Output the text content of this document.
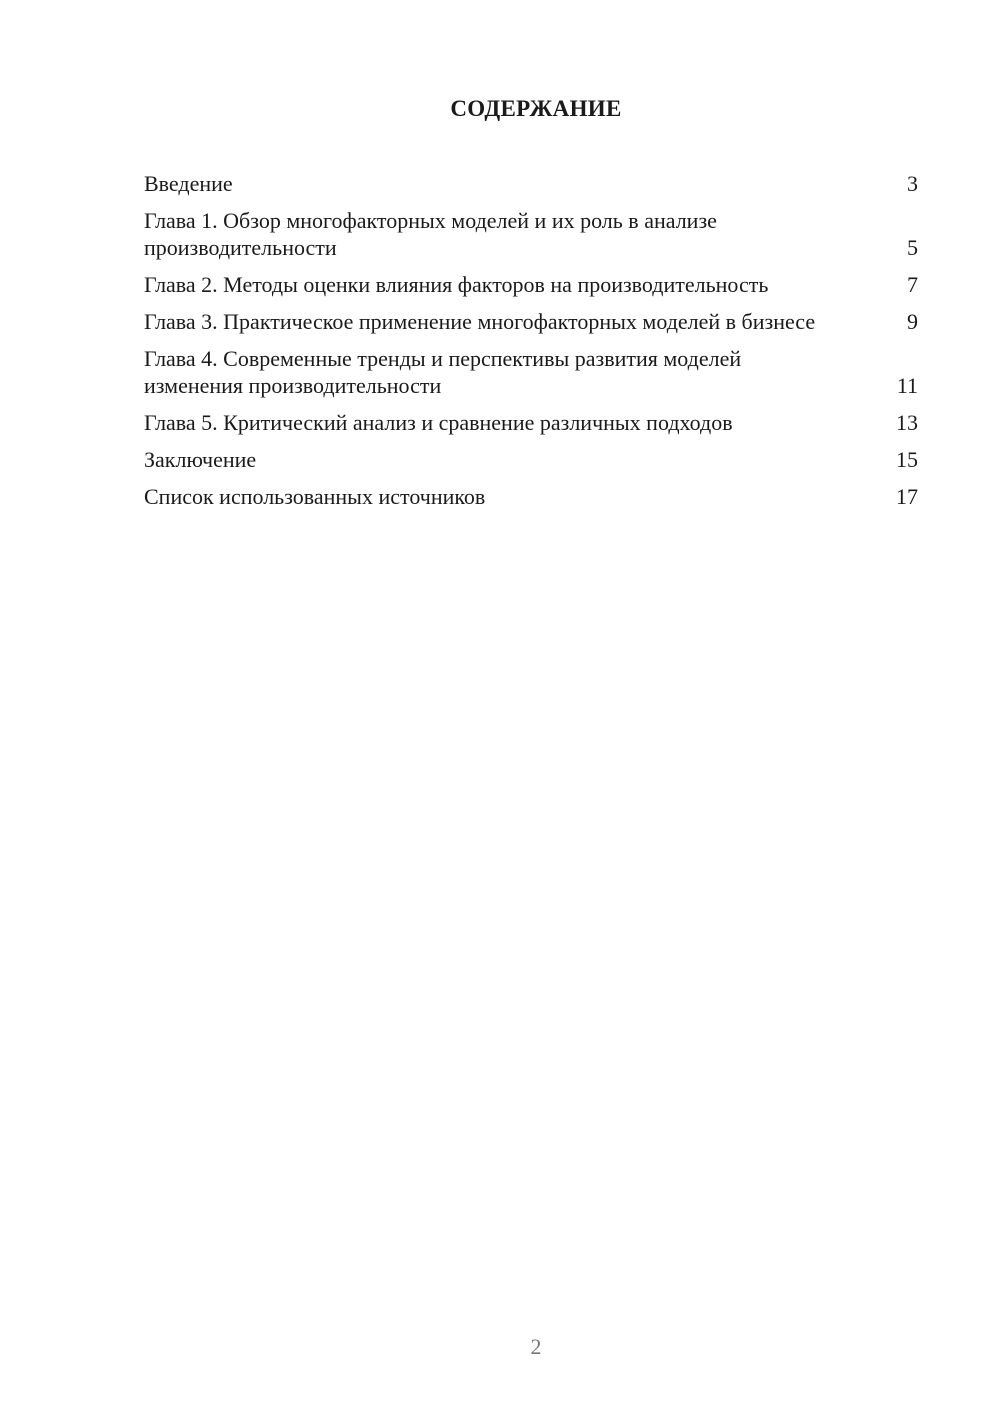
СОДЕРЖАНИЕ
Введение	3
Глава 1. Обзор многофакторных моделей и их роль в анализе производительности	5
Глава 2. Методы оценки влияния факторов на производительность	7
Глава 3. Практическое применение многофакторных моделей в бизнесе	9
Глава 4. Современные тренды и перспективы развития моделей изменения производительности	11
Глава 5. Критический анализ и сравнение различных подходов	13
Заключение	15
Список использованных источников	17
2
